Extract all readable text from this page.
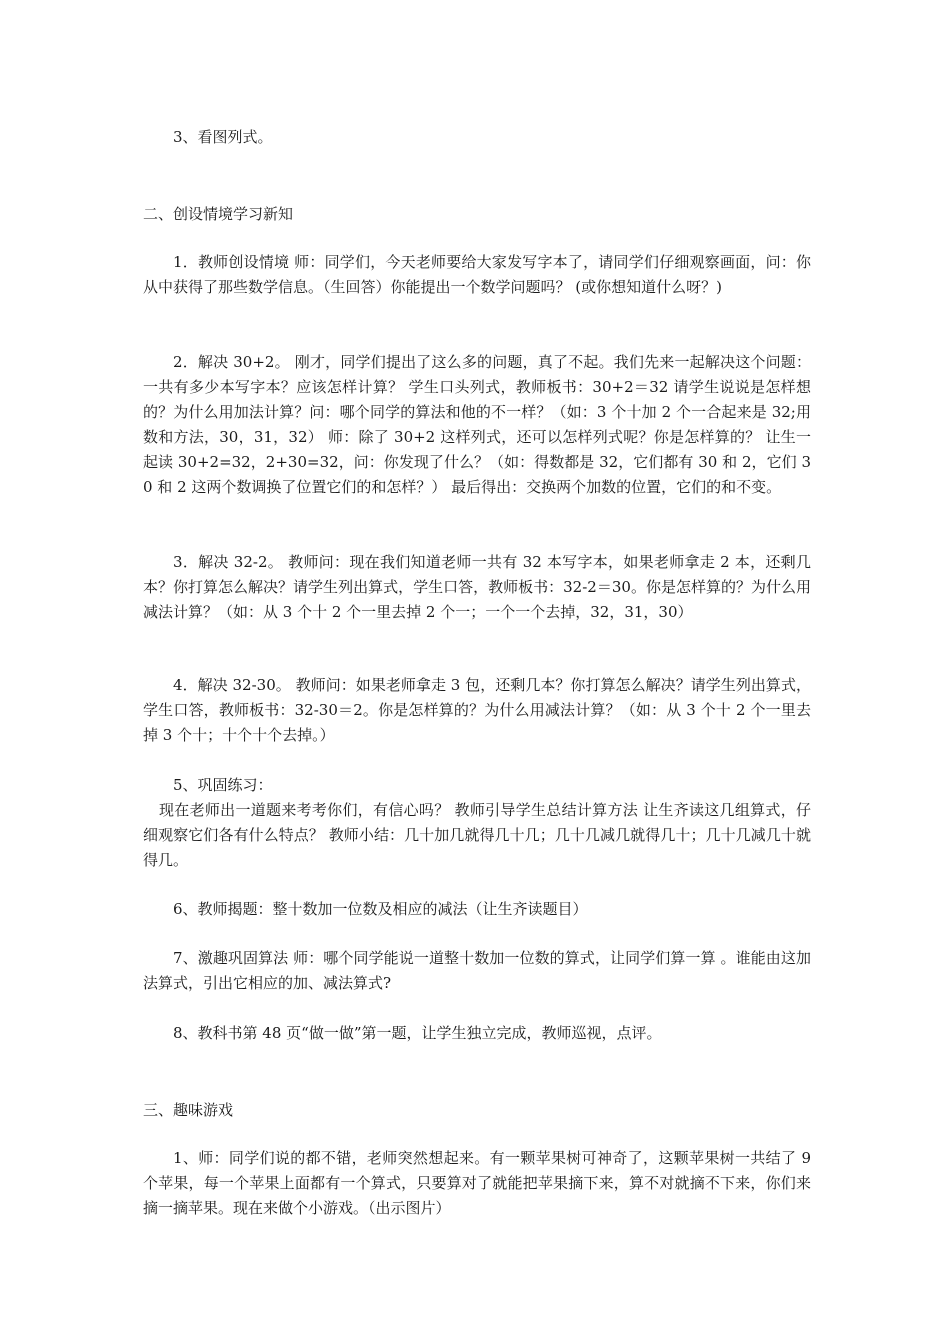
3、看图列式。

二、创设情境学习新知

1．教师创设情境 师：同学们，今天老师要给大家发写字本了，请同学们仔细观察画面，问：你从中获得了那些数学信息。（生回答）你能提出一个数学问题吗？ (或你想知道什么呀？)

2．解决 30+2。 刚才，同学们提出了这么多的问题，真了不起。我们先来一起解决这个问题：一共有多少本写字本？应该怎样计算？ 学生口头列式，教师板书：30+2＝32 请学生说说是怎样想的？为什么用加法计算？问：哪个同学的算法和他的不一样？（如：3 个十加 2 个一合起来是 32;用数和方法，30，31，32） 师：除了 30+2 这样列式，还可以怎样列式呢？你是怎样算的？ 让生一起读 30+2=32，2+30=32，问：你发现了什么？（如：得数都是 32，它们都有 30 和 2，它们 30 和 2 这两个数调换了位置它们的和怎样？） 最后得出：交换两个加数的位置，它们的和不变。

3．解决 32-2。 教师问：现在我们知道老师一共有 32 本写字本，如果老师拿走 2 本，还剩几本？你打算怎么解决？请学生列出算式，学生口答，教师板书：32-2＝30。你是怎样算的？为什么用减法计算？（如：从 3 个十 2 个一里去掉 2 个一；一个一个去掉，32，31，30）

4．解决 32-30。 教师问：如果老师拿走 3 包，还剩几本？你打算怎么解决？请学生列出算式，学生口答，教师板书：32-30＝2。你是怎样算的？为什么用减法计算？（如：从 3 个十 2 个一里去掉 3 个十；十个十个去掉。）

5、巩固练习：

现在老师出一道题来考考你们，有信心吗？ 教师引导学生总结计算方法 让生齐读这几组算式，仔细观察它们各有什么特点？ 教师小结：几十加几就得几十几；几十几减几就得几十；几十几减几十就得几。

6、教师揭题：整十数加一位数及相应的减法（让生齐读题目）

7、激趣巩固算法 师：哪个同学能说一道整十数加一位数的算式，让同学们算一算 。谁能由这加法算式，引出它相应的加、减法算式?

8、教科书第 48 页“做一做”第一题，让学生独立完成，教师巡视，点评。

三、趣味游戏

1、师：同学们说的都不错，老师突然想起来。有一颗苹果树可神奇了，这颗苹果树一共结了 9 个苹果，每一个苹果上面都有一个算式，只要算对了就能把苹果摘下来，算不对就摘不下来，你们来摘一摘苹果。现在来做个小游戏。（出示图片）
